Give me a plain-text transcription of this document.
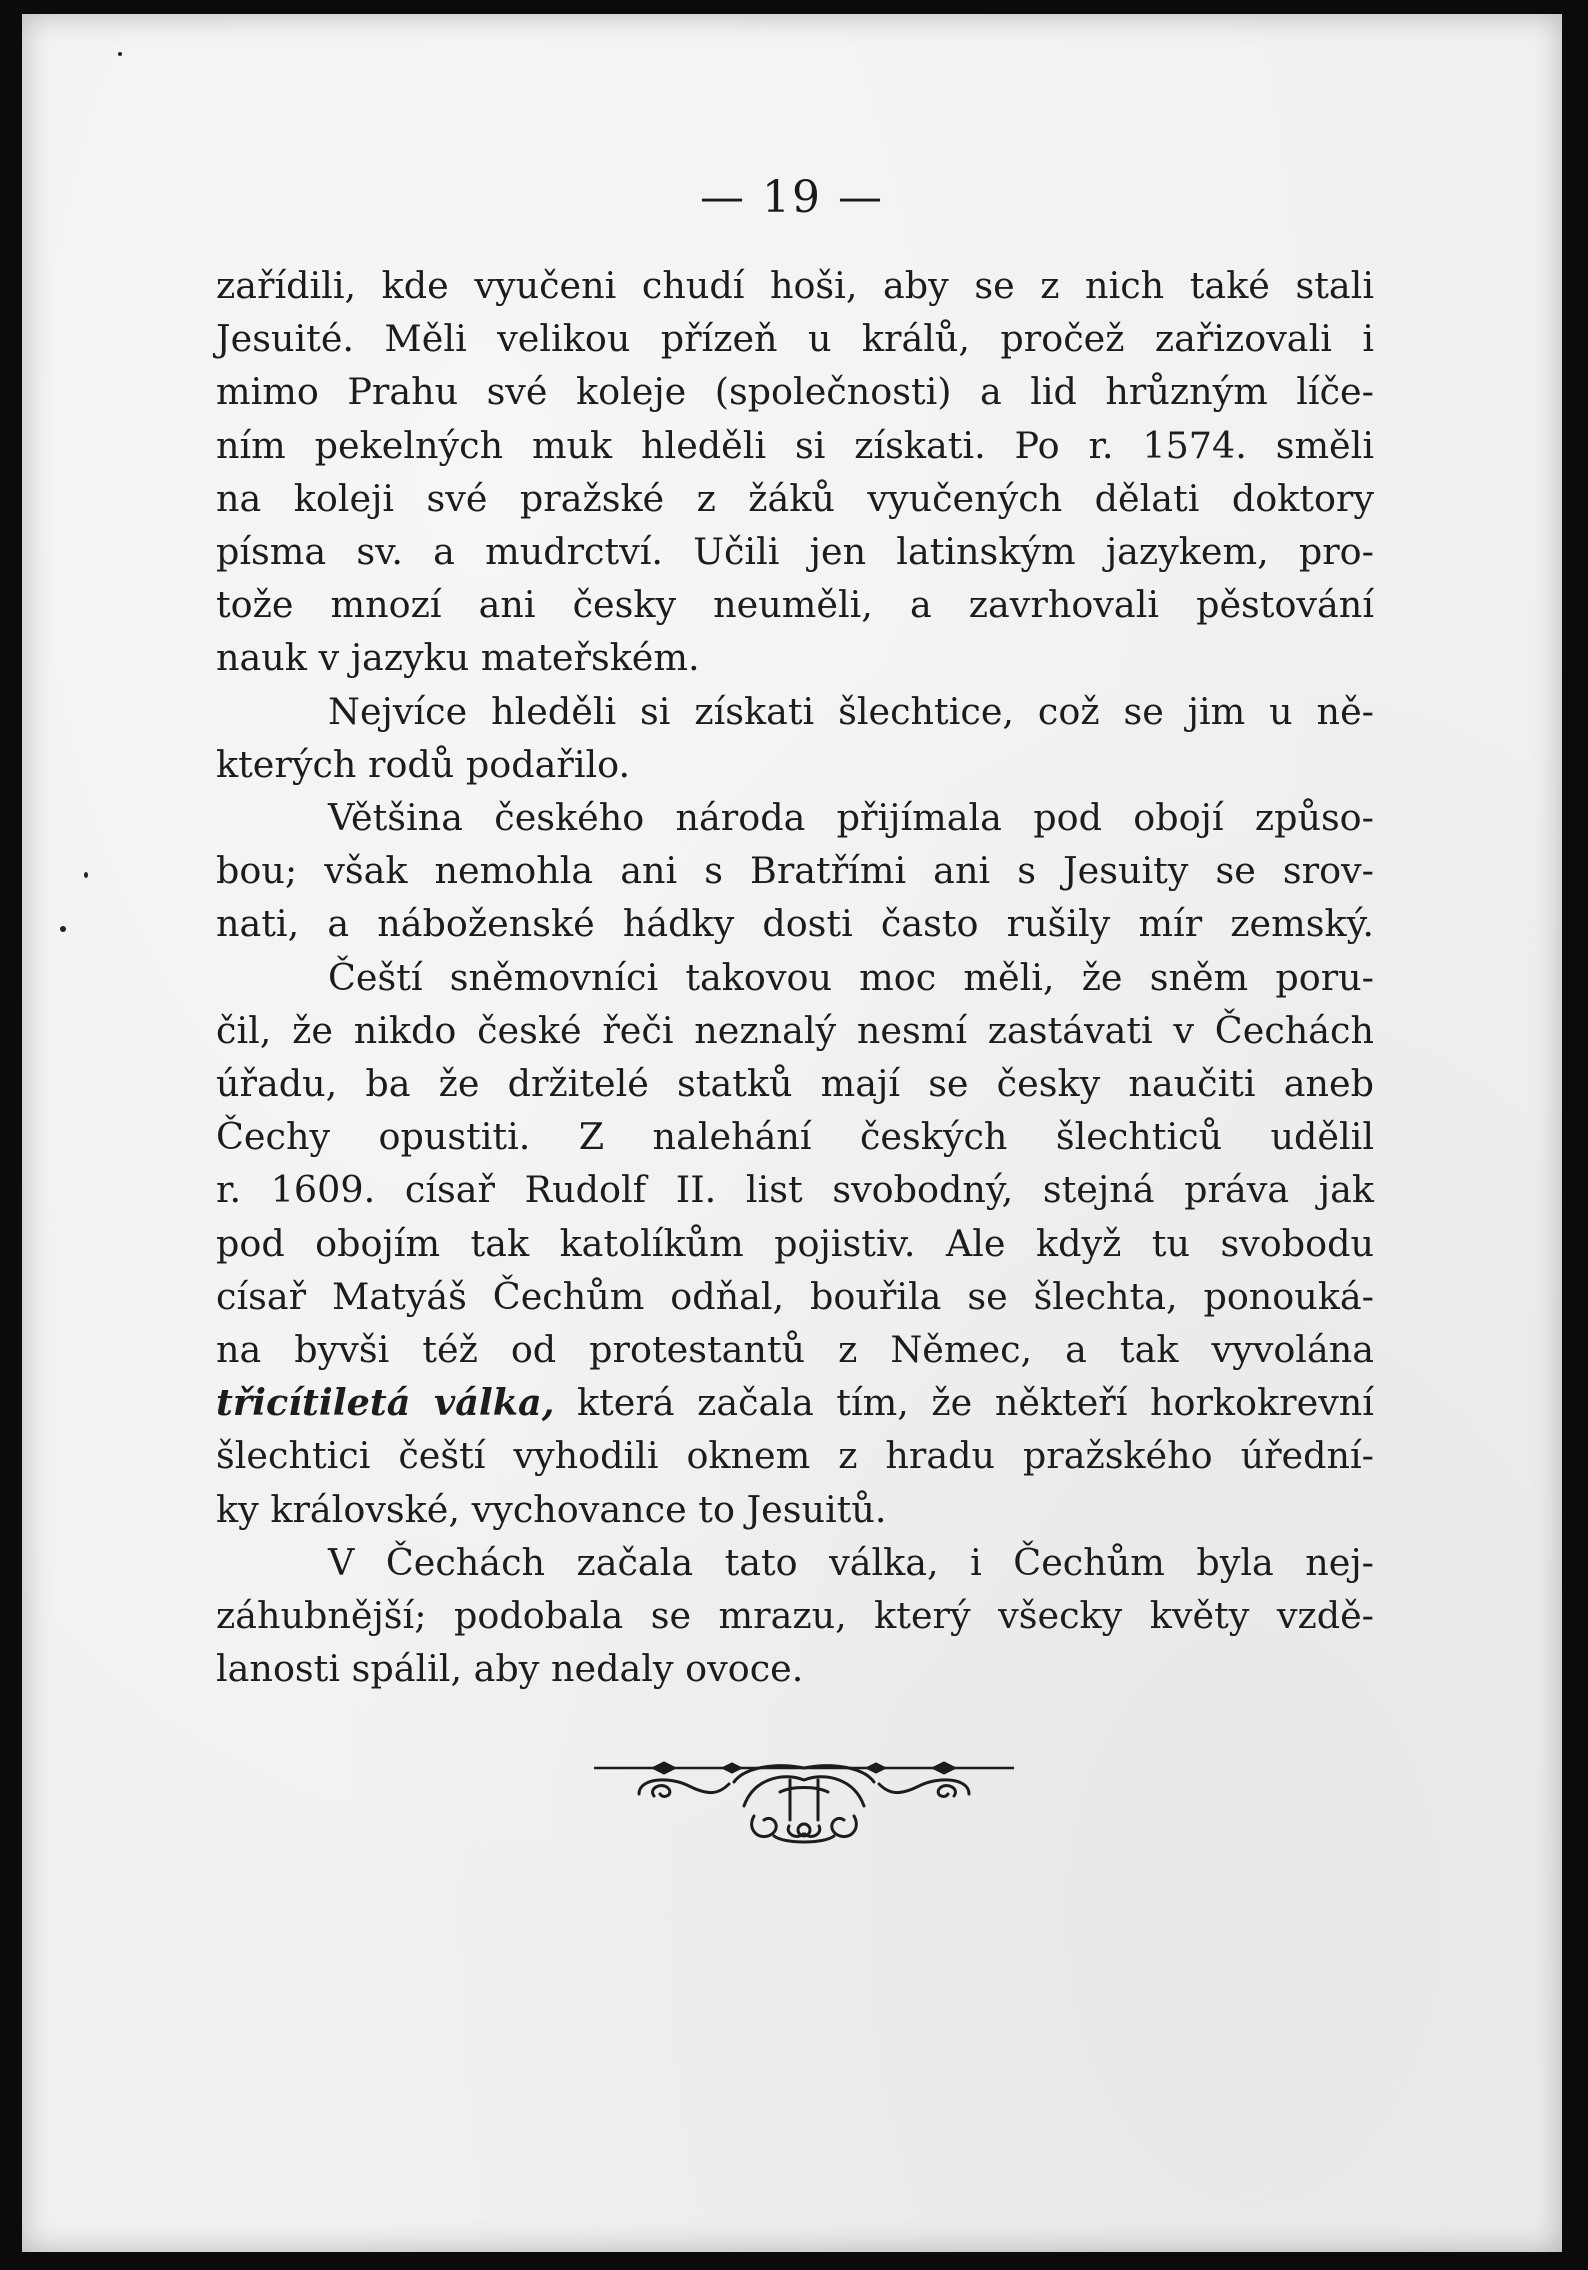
— 19 —
zařídili, kde vyučeni chudí hoši, aby se z nich také stali
Jesuité. Měli velikou přízeň u králů, pročež zařizovali i
mimo Prahu své koleje (společnosti) a lid hrůzným líče-
ním pekelných muk hleděli si získati. Po r. 1574. směli
na koleji své pražské z žáků vyučených dělati doktory
písma sv. a mudrctví. Učili jen latinským jazykem, pro-
tože mnozí ani česky neuměli, a zavrhovali pěstování
nauk v jazyku mateřském.
Nejvíce hleděli si získati šlechtice, což se jim u ně-
kterých rodů podařilo.
Většina českého národa přijímala pod obojí způso-
bou; však nemohla ani s Bratřími ani s Jesuity se srov-
nati, a náboženské hádky dosti často rušily mír zemský.
Čeští sněmovníci takovou moc měli, že sněm poru-
čil, že nikdo české řeči neznalý nesmí zastávati v Čechách
úřadu, ba že držitelé statků mají se česky naučiti aneb
Čechy opustiti. Z nalehání českých šlechticů udělil
r. 1609. císař Rudolf II. list svobodný, stejná práva jak
pod obojím tak katolíkům pojistiv. Ale když tu svobodu
císař Matyáš Čechům odňal, bouřila se šlechta, ponouká-
na byvši též od protestantů z Němec, a tak vyvolána
třicítiletá válka, která začala tím, že někteří horkokrevní
šlechtici čeští vyhodili oknem z hradu pražského úřední-
ky královské, vychovance to Jesuitů.
V Čechách začala tato válka, i Čechům byla nej-
záhubnější; podobala se mrazu, který všecky květy vzdě-
lanosti spálil, aby nedaly ovoce.
